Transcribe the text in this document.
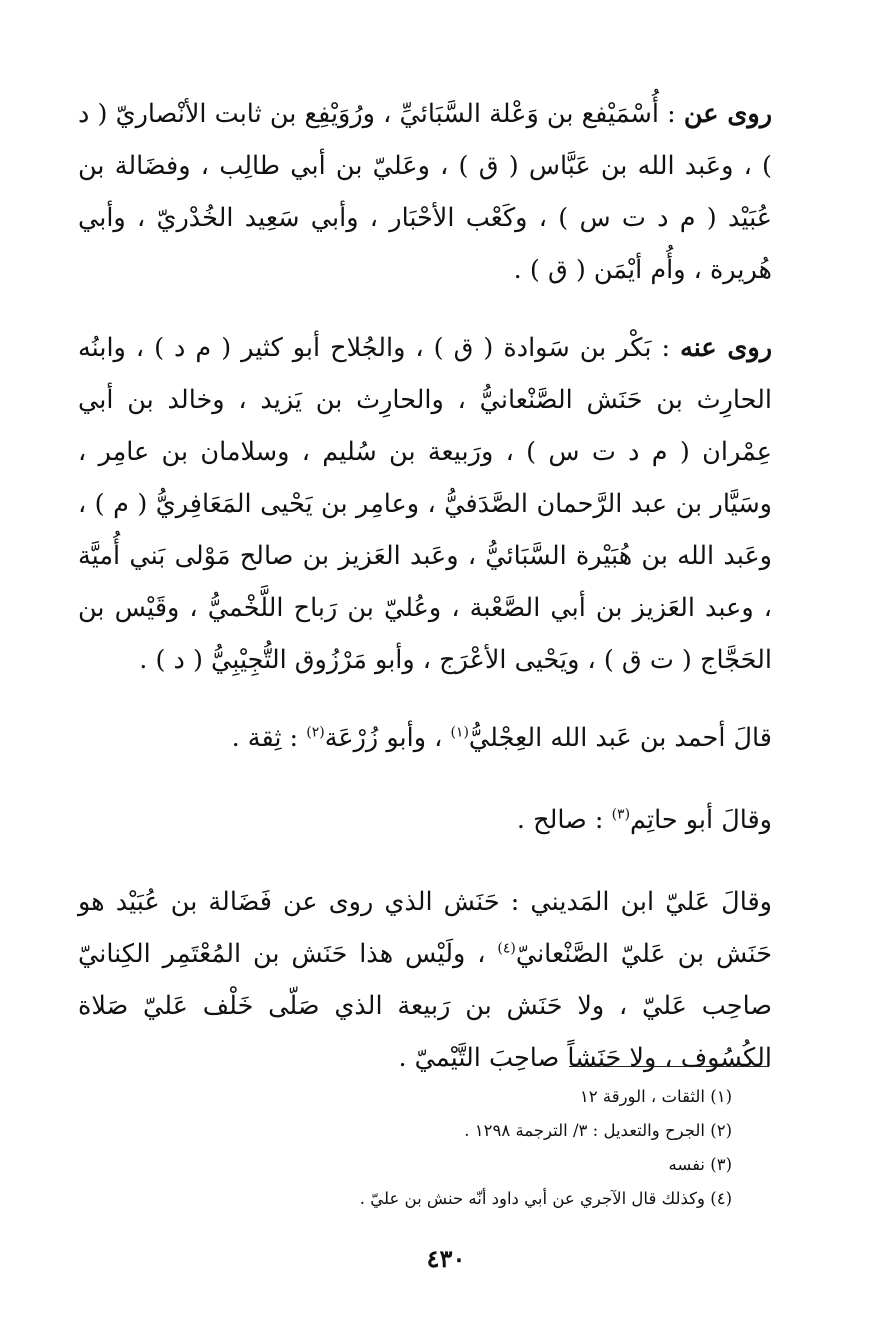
روى عن : أُسْمَيْفع بن وَعْلة السَّبَائيِّ ، ورُوَيْفِع بن ثابت الأنْصاريّ ( د ) ، وعَبد الله بن عَبَّاس ( ق ) ، وعَليّ بن أبي طالِب ، وفضَالة بن عُبَيْد ( م د ت س ) ، وكَعْب الأحْبَار ، وأبي سَعِيد الخُدْريّ ، وأبي هُريرة ، وأُم أيْمَن ( ق ) .

روى عنه : بَكْر بن سَوادة ( ق ) ، والجُلاح أبو كثير ( م د ) ، وابنُه الحارِث بن حَنَش الصَّنْعانيُّ ، والحارِث بن يَزيد ، وخالد بن أبي عِمْران ( م د ت س ) ، ورَبيعة بن سُليم ، وسلامان بن عامِر ، وسَيَّار بن عبد الرَّحمان الصَّدَفيُّ ، وعامِر بن يَحْيى المَعَافِريُّ ( م ) ، وعَبد الله بن هُبَيْرة السَّبَائيُّ ، وعَبد العَزيز بن صالح مَوْلى بَني أُميَّة ، وعبد العَزيز بن أبي الصَّعْبة ، وعُليّ بن رَباح اللَّخْميُّ ، وقَيْس بن الحَجَّاج ( ت ق ) ، ويَحْيى الأعْرَج ، وأبو مَرْزُوق التُّجِيْبِيُّ ( د ) .

قالَ أحمد بن عَبد الله العِجْليُّ$^{(١)}$ ، وأبو زُرْعَة$^{(٢)}$ : ثِقة .

وقالَ أبو حاتِم$^{(٣)}$ : صالح .

وقالَ عَليّ ابن المَديني : حَنَش الذي روى عن فَضَالة بن عُبَيْد هو حَنَش بن عَليّ الصَّنْعانيّ$^{(٤)}$ ، ولَيْس هذا حَنَش بن المُعْتَمِر الكِنانيّ صاحِب عَليّ ، ولا حَنَش بن رَبيعة الذي صَلّى خَلْف عَليّ صَلاة الكُسُوف ، ولا حَنَشاً صاحِبَ التَّيْميّ .

(١) الثقات ، الورقة ١٢

(٢) الجرح والتعديل : ٣/ الترجمة ١٢٩٨ .

(٣) نفسه

(٤) وكذلك قال الآجري عن أبي داود أنّه حنش بن عليّ .

٤٣٠
